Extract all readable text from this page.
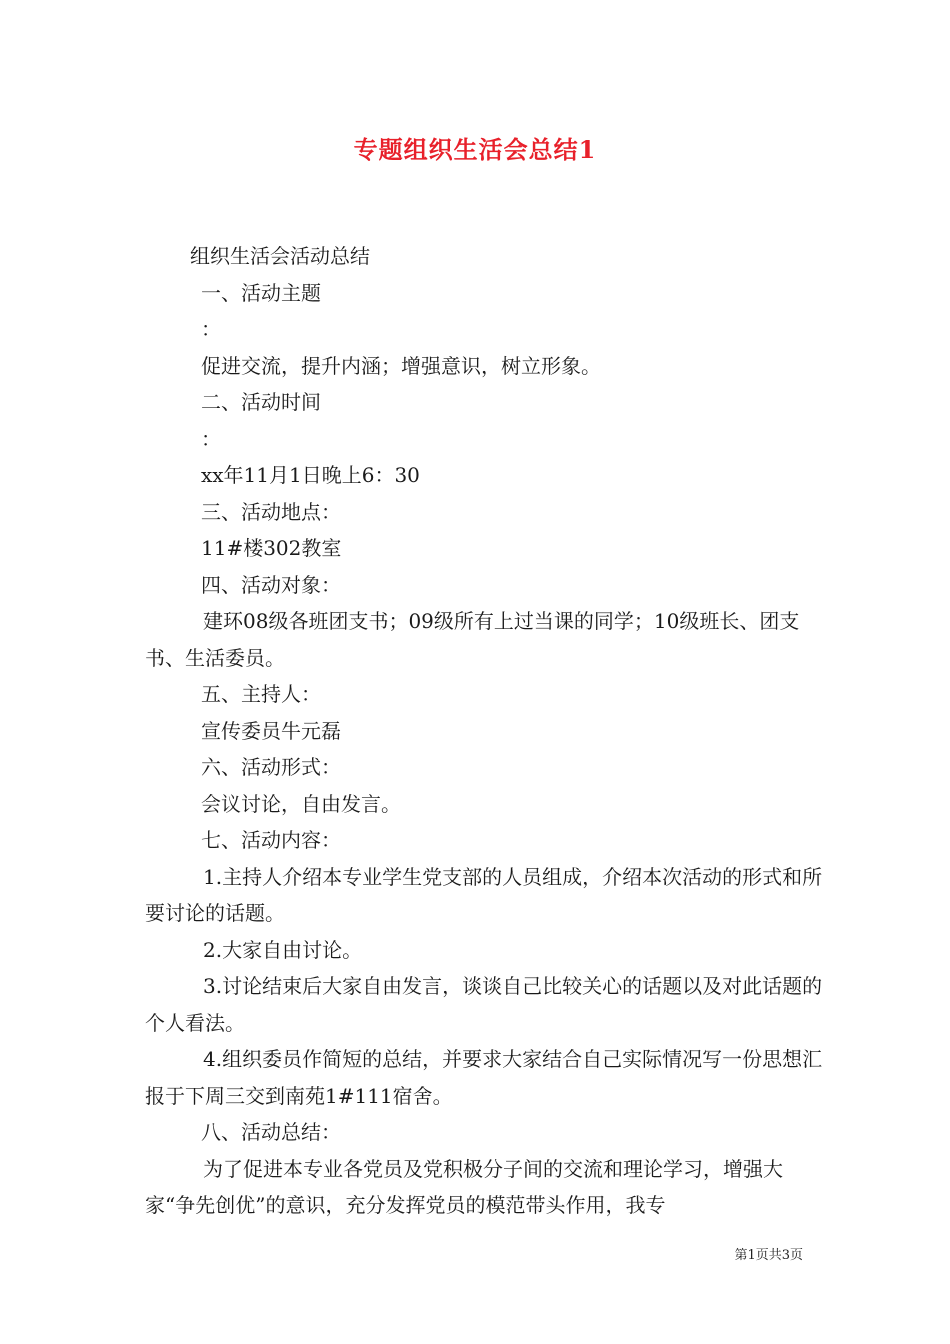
专题组织生活会总结1

组织生活会活动总结

一、活动主题

：

促进交流，提升内涵；增强意识，树立形象。

二、活动时间

：

xx年11月1日晚上6：30

三、活动地点：

11#楼302教室

四、活动对象：

建环08级各班团支书；09级所有上过当课的同学；10级班长、团支书、生活委员。

五、主持人：

宣传委员牛元磊

六、活动形式：

会议讨论，自由发言。

七、活动内容：

1.主持人介绍本专业学生党支部的人员组成，介绍本次活动的形式和所要讨论的话题。

2.大家自由讨论。

3.讨论结束后大家自由发言，谈谈自己比较关心的话题以及对此话题的个人看法。

4.组织委员作简短的总结，并要求大家结合自己实际情况写一份思想汇报于下周三交到南苑1#111宿舍。

八、活动总结：

为了促进本专业各党员及党积极分子间的交流和理论学习，增强大家“争先创优”的意识，充分发挥党员的模范带头作用，我专

第1页共3页
